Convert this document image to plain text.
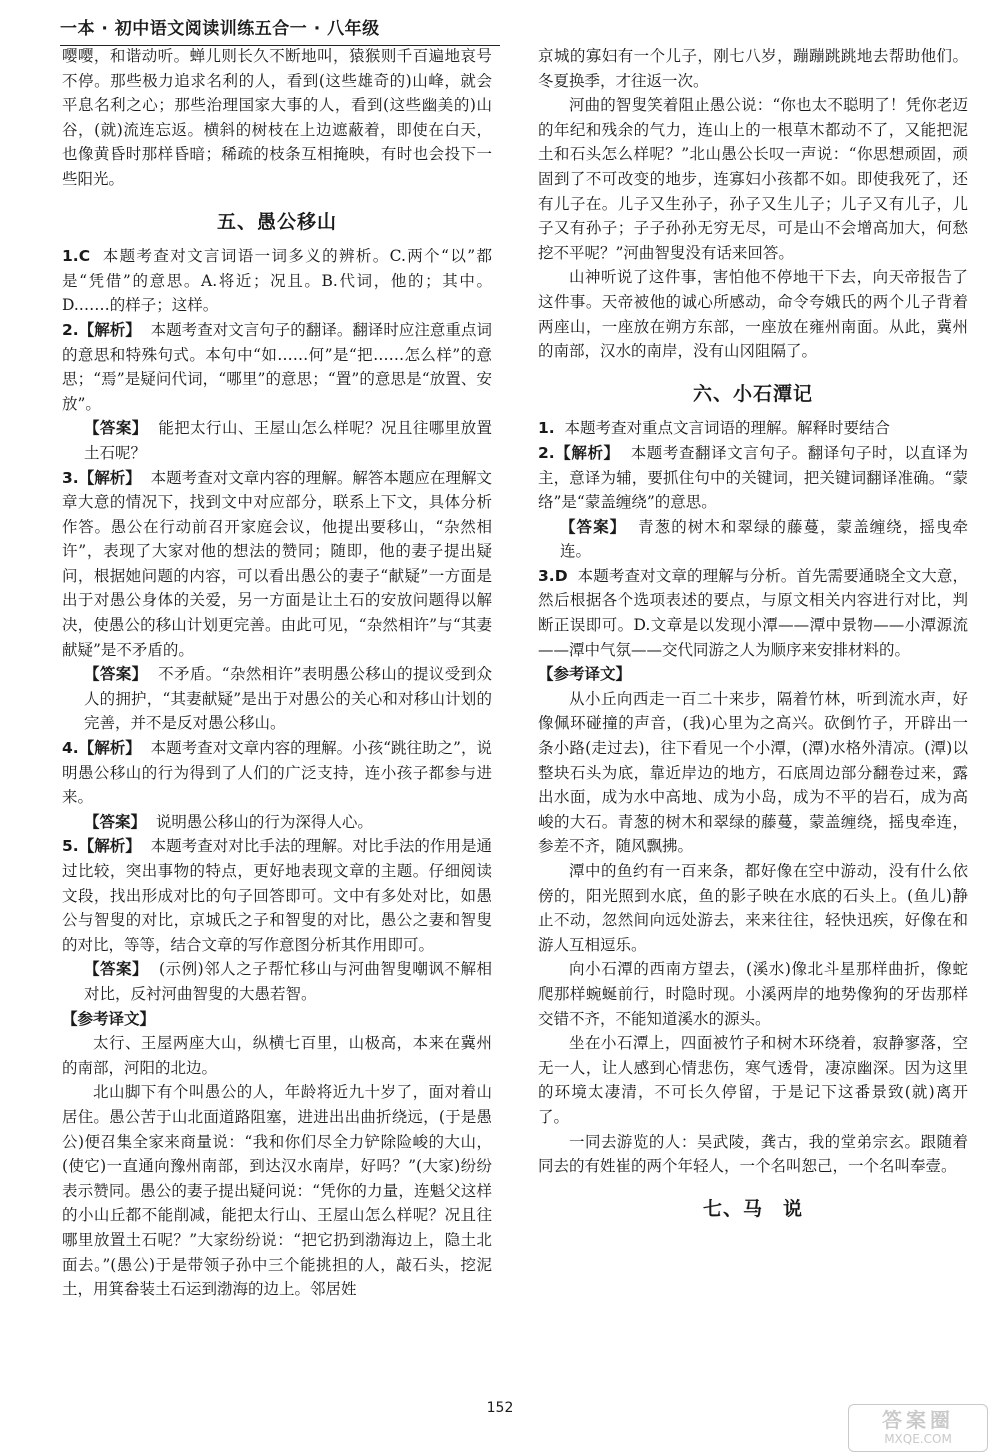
一本 · 初中语文阅读训练五合一 · 八年级

嘤嘤，和谐动听。蝉儿则长久不断地叫，猿猴则千百遍地哀号不停。那些极力追求名利的人，看到(这些雄奇的)山峰，就会平息名利之心；那些治理国家大事的人，看到(这些幽美的)山谷，(就)流连忘返。横斜的树枝在上边遮蔽着，即使在白天，也像黄昏时那样昏暗；稀疏的枝条互相掩映，有时也会投下一些阳光。

五、愚公移山

1.C 本题考查对文言词语一词多义的辨析。C.两个“以”都是“凭借”的意思。A.将近；况且。B.代词，他的；其中。D.……的样子；这样。

2.【解析】 本题考查对文言句子的翻译。翻译时应注意重点词的意思和特殊句式。本句中“如……何”是“把……怎么样”的意思；“焉”是疑问代词，“哪里”的意思；“置”的意思是“放置、安放”。

【答案】 能把太行山、王屋山怎么样呢？况且往哪里放置土石呢？

3.【解析】 本题考查对文章内容的理解。解答本题应在理解文章大意的情况下，找到文中对应部分，联系上下文，具体分析作答。愚公在行动前召开家庭会议，他提出要移山，“杂然相许”，表现了大家对他的想法的赞同；随即，他的妻子提出疑问，根据她问题的内容，可以看出愚公的妻子“献疑”一方面是出于对愚公身体的关爱，另一方面是让土石的安放问题得以解决，使愚公的移山计划更完善。由此可见，“杂然相许”与“其妻献疑”是不矛盾的。

【答案】 不矛盾。“杂然相许”表明愚公移山的提议受到众人的拥护，“其妻献疑”是出于对愚公的关心和对移山计划的完善，并不是反对愚公移山。

4.【解析】 本题考查对文章内容的理解。小孩“跳往助之”，说明愚公移山的行为得到了人们的广泛支持，连小孩子都参与进来。

【答案】 说明愚公移山的行为深得人心。

5.【解析】 本题考查对对比手法的理解。对比手法的作用是通过比较，突出事物的特点，更好地表现文章的主题。仔细阅读文段，找出形成对比的句子回答即可。文中有多处对比，如愚公与智叟的对比，京城氏之子和智叟的对比，愚公之妻和智叟的对比，等等，结合文章的写作意图分析其作用即可。

【答案】 (示例)邻人之子帮忙移山与河曲智叟嘲讽不解相对比，反衬河曲智叟的大愚若智。

【参考译文】

太行、王屋两座大山，纵横七百里，山极高，本来在冀州的南部，河阳的北边。

北山脚下有个叫愚公的人，年龄将近九十岁了，面对着山居住。愚公苦于山北面道路阻塞，进进出出曲折绕远，(于是愚公)便召集全家来商量说：“我和你们尽全力铲除险峻的大山，(使它)一直通向豫州南部，到达汉水南岸，好吗？”(大家)纷纷表示赞同。愚公的妻子提出疑问说：“凭你的力量，连魁父这样的小山丘都不能削减，能把太行山、王屋山怎么样呢？况且往哪里放置土石呢？”大家纷纷说：“把它扔到渤海边上，隐土北面去。”(愚公)于是带领子孙中三个能挑担的人，敲石头，挖泥土，用箕畚装土石运到渤海的边上。邻居姓

京城的寡妇有一个儿子，刚七八岁，蹦蹦跳跳地去帮助他们。冬夏换季，才往返一次。

河曲的智叟笑着阻止愚公说：“你也太不聪明了！凭你老迈的年纪和残余的气力，连山上的一根草木都动不了，又能把泥土和石头怎么样呢？”北山愚公长叹一声说：“你思想顽固，顽固到了不可改变的地步，连寡妇小孩都不如。即使我死了，还有儿子在。儿子又生孙子，孙子又生儿子；儿子又有儿子，儿子又有孙子；子子孙孙无穷无尽，可是山不会增高加大，何愁挖不平呢？”河曲智叟没有话来回答。

山神听说了这件事，害怕他不停地干下去，向天帝报告了这件事。天帝被他的诚心所感动，命令夸娥氏的两个儿子背着两座山，一座放在朔方东部，一座放在雍州南面。从此，冀州的南部，汉水的南岸，没有山冈阻隔了。

六、小石潭记

1. 本题考查对重点文言词语的理解。解释时要结合

2.【解析】 本题考查翻译文言句子。翻译句子时，以直译为主，意译为辅，要抓住句中的关键词，把关键词翻译准确。“蒙络”是“蒙盖缠绕”的意思。

【答案】 青葱的树木和翠绿的藤蔓，蒙盖缠绕，摇曳牵连。

3.D 本题考查对文章的理解与分析。首先需要通晓全文大意，然后根据各个选项表述的要点，与原文相关内容进行对比，判断正误即可。D.文章是以发现小潭——潭中景物——小潭源流——潭中气氛——交代同游之人为顺序来安排材料的。

【参考译文】

从小丘向西走一百二十来步，隔着竹林，听到流水声，好像佩环碰撞的声音，(我)心里为之高兴。砍倒竹子，开辟出一条小路(走过去)，往下看见一个小潭，(潭)水格外清凉。(潭)以整块石头为底，靠近岸边的地方，石底周边部分翻卷过来，露出水面，成为水中高地、成为小岛，成为不平的岩石，成为高峻的大石。青葱的树木和翠绿的藤蔓，蒙盖缠绕，摇曳牵连，参差不齐，随风飘拂。

潭中的鱼约有一百来条，都好像在空中游动，没有什么依傍的，阳光照到水底，鱼的影子映在水底的石头上。(鱼儿)静止不动，忽然间向远处游去，来来往往，轻快迅疾，好像在和游人互相逗乐。

向小石潭的西南方望去，(溪水)像北斗星那样曲折，像蛇爬那样蜿蜒前行，时隐时现。小溪两岸的地势像狗的牙齿那样交错不齐，不能知道溪水的源头。

坐在小石潭上，四面被竹子和树木环绕着，寂静寥落，空无一人，让人感到心情悲伤，寒气透骨，凄凉幽深。因为这里的环境太凄清，不可长久停留，于是记下这番景致(就)离开了。

一同去游览的人：吴武陵，龚古，我的堂弟宗玄。跟随着同去的有姓崔的两个年轻人，一个名叫恕己，一个名叫奉壹。

七、马　说

152	答案圈
MXQE.COM
